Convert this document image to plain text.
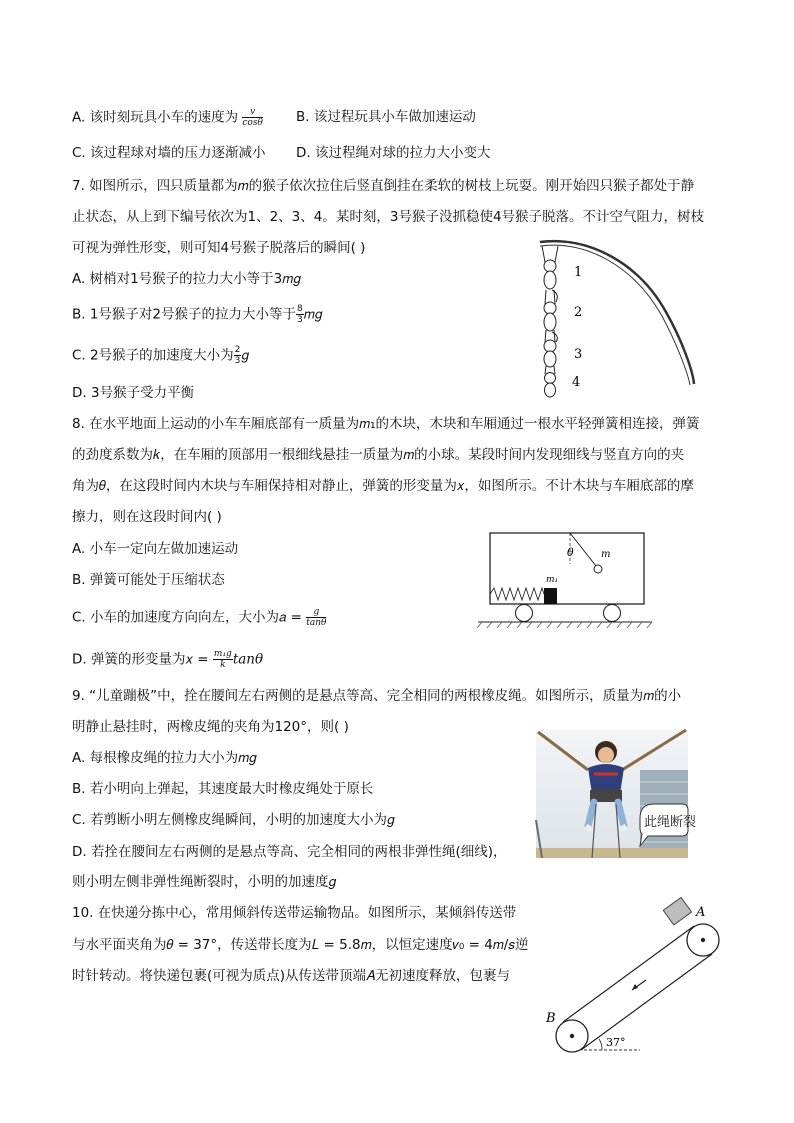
A. 该时刻玩具小车的速度为 $\frac{v}{\cos\theta} B$. 该过程玩具小车做加速运动
C. 该过程球对墙的压力逐渐减小 D. 该过程绳对球的拉力大小变大
7. 如图所示，四只质量都为𝑚的猴子依次拉住后竖直倒挂在柔软的树枝上玩耍。刚开始四只猴子都处于静
止状态，从上到下编号依次为1、2、3、4。某时刻，3号猴子没抓稳使4号猴子脱落。不计空气阻力，树枝
可视为弹性形变，则可知4号猴子脱落后的瞬间( )
A. 树梢对1号猴子的拉力大小等于3𝑚𝑔
B. 1号猴子对2号猴子的拉力大小等于 $\frac{8}{3}$ 𝑚𝑔
C. 2号猴子的加速度大小为 $\frac{2}{3}$ 𝑔
D. 3号猴子受力平衡
1
2
3
4
8. 在水平地面上运动的小车车厢底部有一质量为𝑚₁的木块，木块和车厢通过一根水平轻弹簧相连接，弹簧
的劲度系数为𝑘，在车厢的顶部用一根细线悬挂一质量为𝑚的小球。某段时间内发现细线与竖直方向的夹
角为𝜃，在这段时间内木块与车厢保持相对静止，弹簧的形变量为𝑥，如图所示。不计木块与车厢底部的摩
擦力，则在这段时间内( )
A. 小车一定向左做加速运动
B. 弹簧可能处于压缩状态
C. 小车的加速度方向向左，大小为𝑎 = $\frac{g}{\tan\theta}$
D. 弹簧的形变量为𝑥 = $\frac{\text{m₁g}}{k}$ tanθ
θ	m
m₁
9. “儿童蹦极”中，拴在腰间左右两侧的是悬点等高、完全相同的两根橡皮绳。如图所示，质量为𝑚的小
明静止悬挂时，两橡皮绳的夹角为120°，则( )
A. 每根橡皮绳的拉力大小为𝑚𝑔
B. 若小明向上弹起，其速度最大时橡皮绳处于原长
C. 若剪断小明左侧橡皮绳瞬间，小明的加速度大小为𝑔
D. 若拴在腰间左右两侧的是悬点等高、完全相同的两根非弹性绳(细线)，
则小明左侧非弹性绳断裂时，小明的加速度𝑔
此绳断裂
10. 在快递分拣中心，常用倾斜传送带运输物品。如图所示，某倾斜传送带
与水平面夹角为𝜃 = 37°，传送带长度为𝐿 = 5.8𝑚，以恒定速度𝑣₀ = 4𝑚/𝑠逆
时针转动。将快递包裹(可视为质点)从传送带顶端𝐴无初速度释放，包裹与
A
B
37°
